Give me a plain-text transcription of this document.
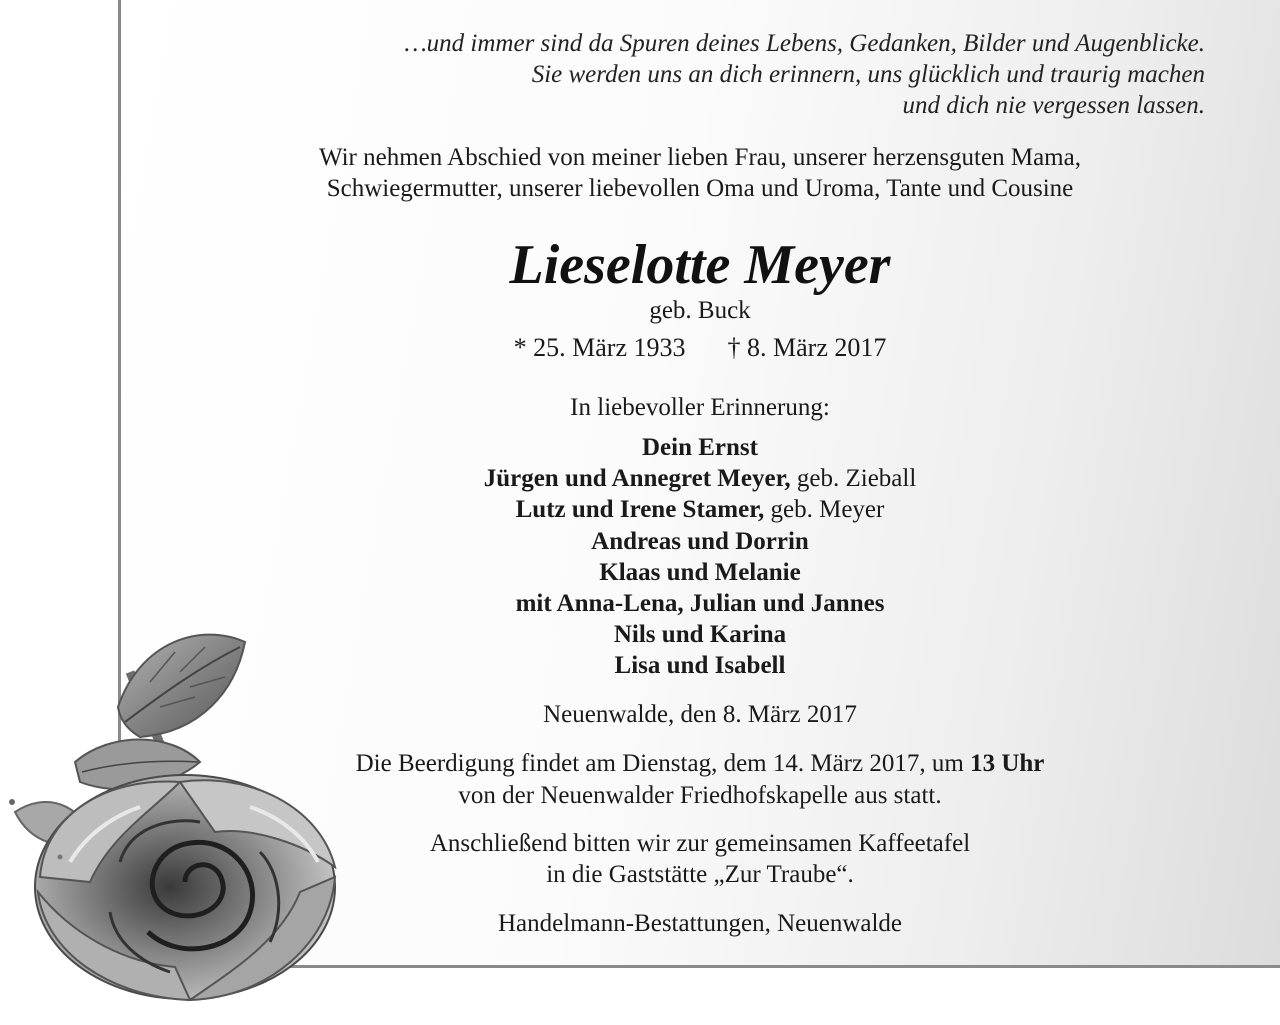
…und immer sind da Spuren deines Lebens, Gedanken, Bilder und Augenblicke.
Sie werden uns an dich erinnern, uns glücklich und traurig machen
und dich nie vergessen lassen.
Wir nehmen Abschied von meiner lieben Frau, unserer herzensguten Mama,
Schwiegermutter, unserer liebevollen Oma und Uroma, Tante und Cousine
Lieselotte Meyer
geb. Buck
* 25. März 1933 † 8. März 2017
In liebevoller Erinnerung:
Dein Ernst
Jürgen und Annegret Meyer, geb. Zieball
Lutz und Irene Stamer, geb. Meyer
Andreas und Dorrin
Klaas und Melanie
mit Anna-Lena, Julian und Jannes
Nils und Karina
Lisa und Isabell
Neuenwalde, den 8. März 2017
Die Beerdigung findet am Dienstag, dem 14. März 2017, um 13 Uhr
von der Neuenwalder Friedhofskapelle aus statt.
Anschließend bitten wir zur gemeinsamen Kaffeetafel
in die Gaststätte „Zur Traube“.
Handelmann-Bestattungen, Neuenwalde
